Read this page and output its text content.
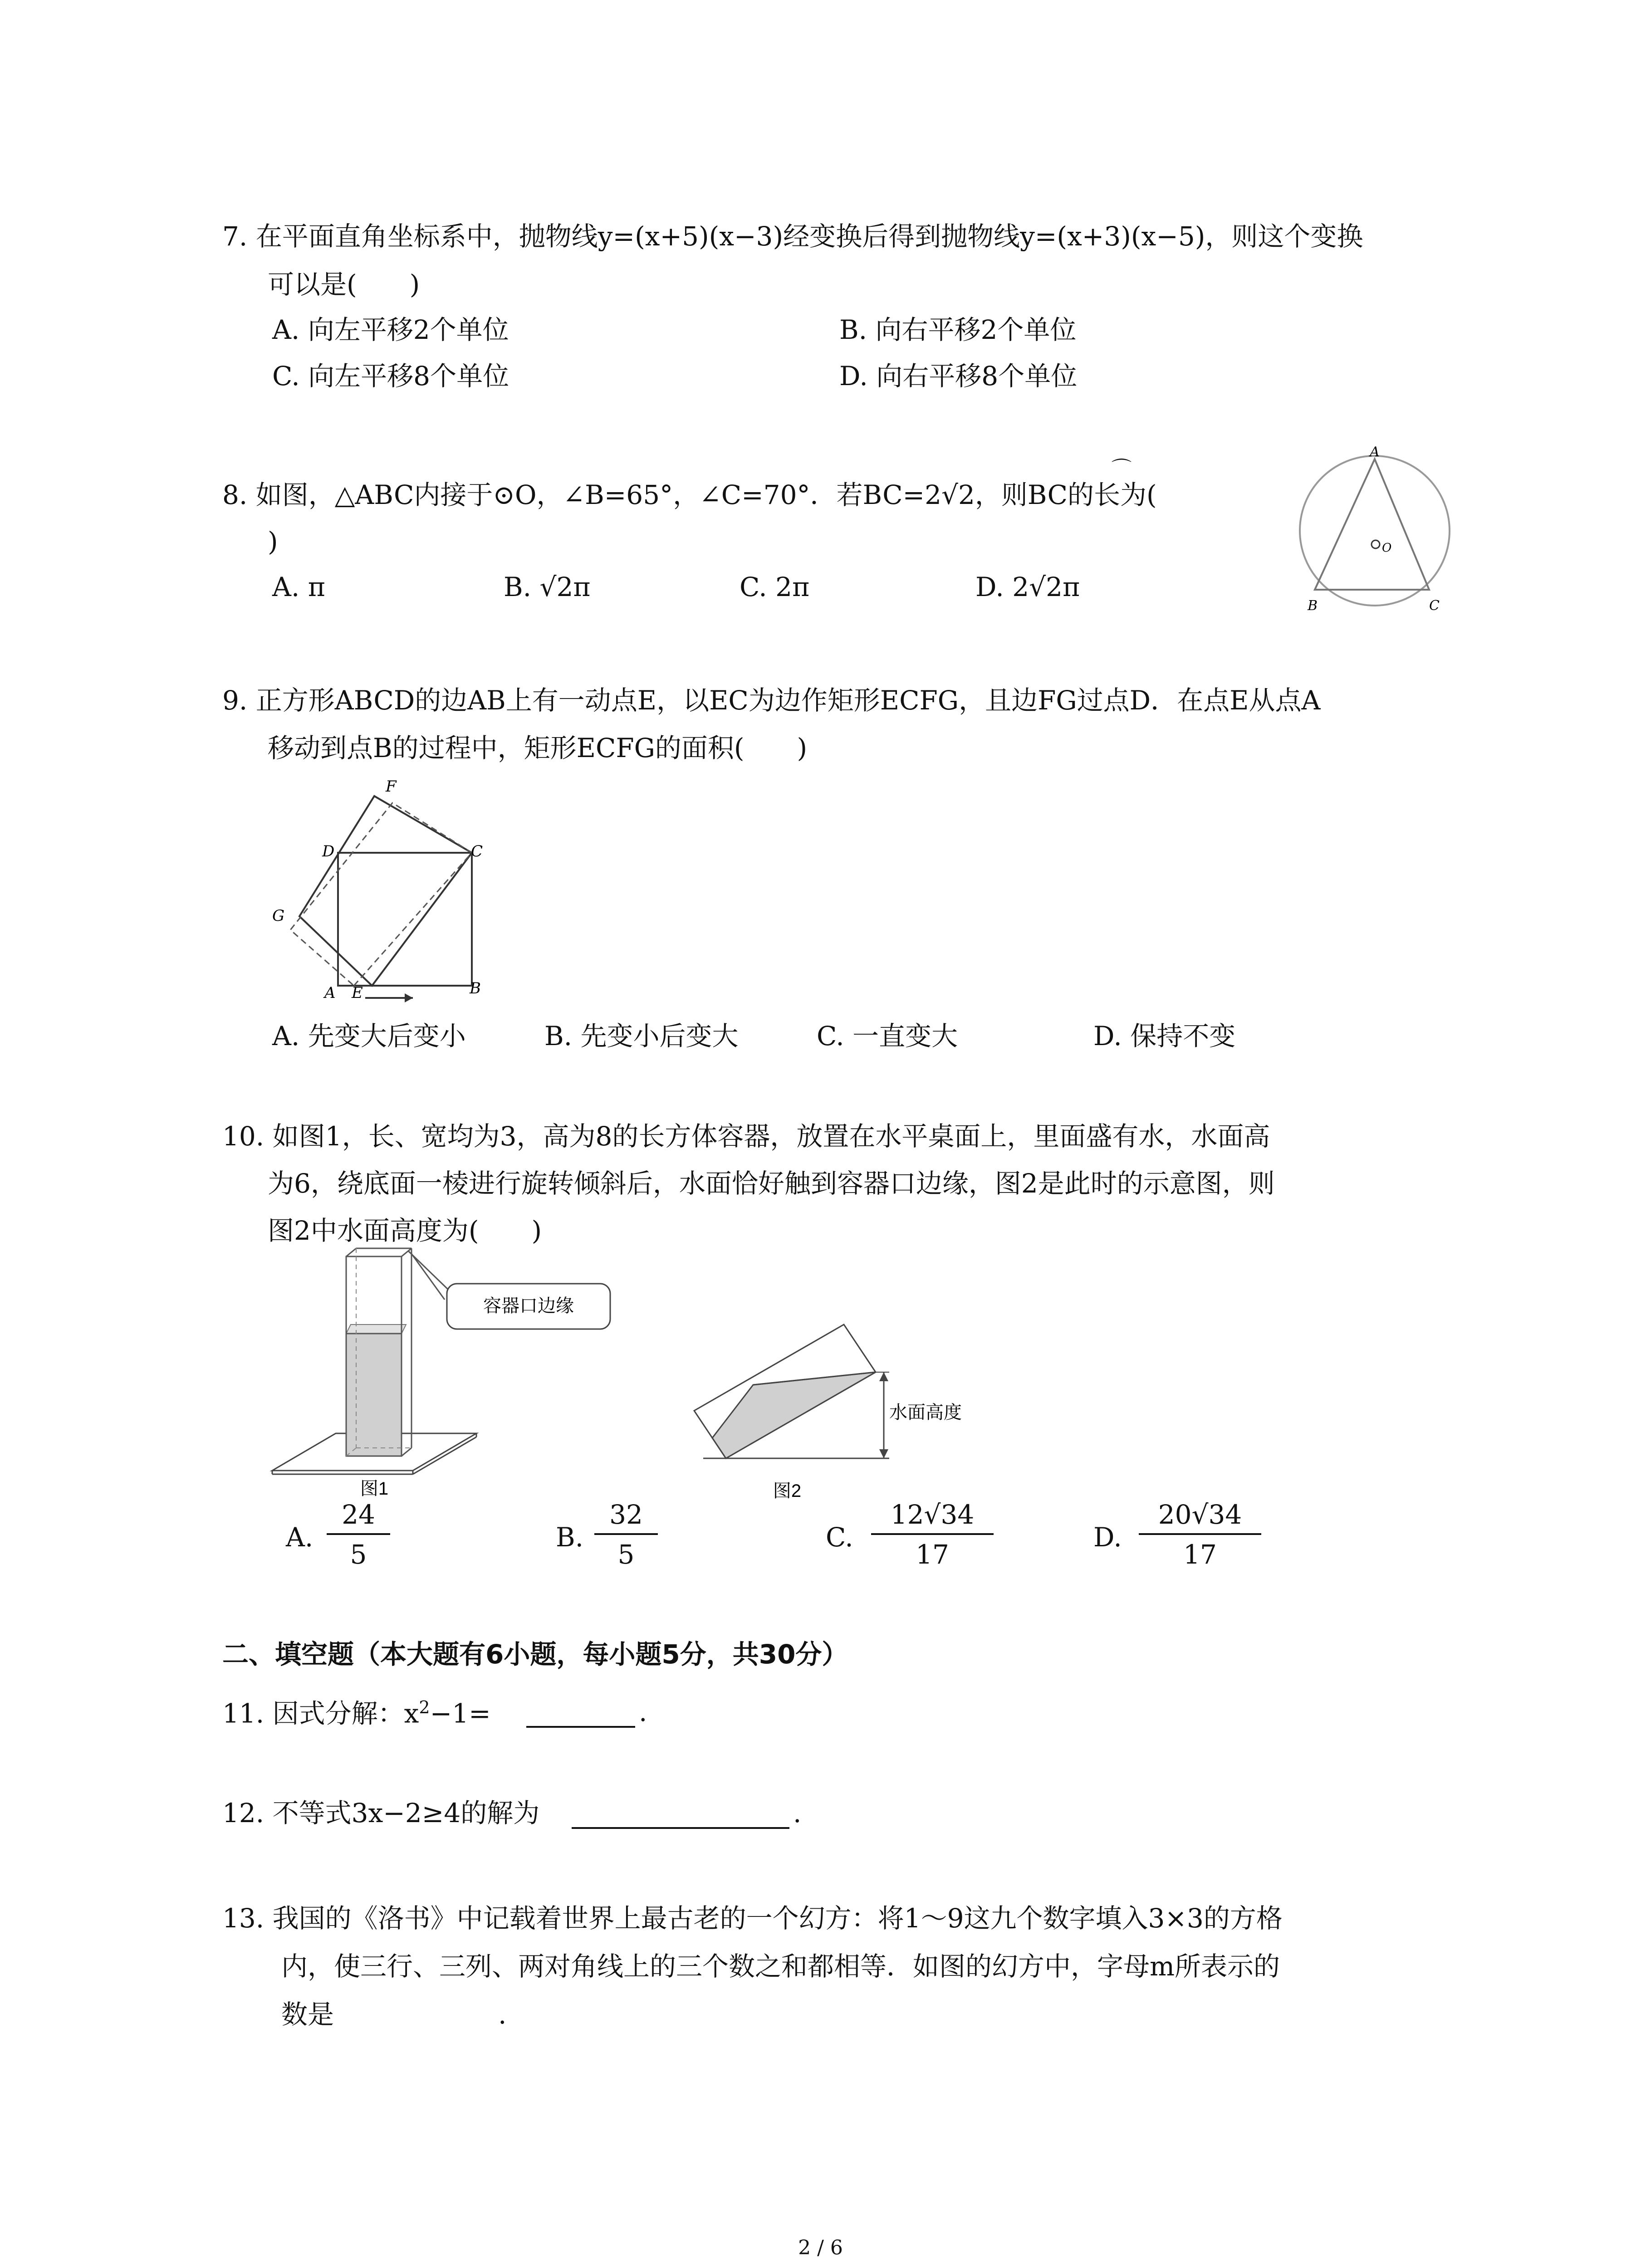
7. 在平面直角坐标系中，抛物线y=(x+5)(x−3)经变换后得到抛物线y=(x+3)(x−5)，则这个变换
可以是(　　)
A. 向左平移2个单位	B. 向右平移2个单位
C. 向左平移8个单位	D. 向右平移8个单位
⌒
8. 如图，△ABC内接于⊙O，∠B=65°，∠C=70°．若BC=2√2，则BC的长为(
)
A. π	B. √2π	C. 2π	D. 2√2π
A
B	C
O
9. 正方形ABCD的边AB上有一动点E，以EC为边作矩形ECFG，且边FG过点D．在点E从点A
移动到点B的过程中，矩形ECFG的面积(　　)
A E	B
C
D
F
G
A. 先变大后变小	B. 先变小后变大	C. 一直变大	D. 保持不变
10. 如图1，长、宽均为3，高为8的长方体容器，放置在水平桌面上，里面盛有水，水面高
为6，绕底面一棱进行旋转倾斜后，水面恰好触到容器口边缘，图2是此时的示意图，则
图2中水面高度为(　　)
容器口边缘
图1
水面高度
图2
A. $\frac{24}{5}$	B. $\frac{32}{5}$	C. $\frac{12√34}{17}$	D. $\frac{20√34}{17}$
二、填空题（本大题有6小题，每小题5分，共30分）
11. 因式分解：$x^2-1=$	.
12. 不等式3x−2≥4的解为	.
13. 我国的《洛书》中记载着世界上最古老的一个幻方：将1～9这九个数字填入3×3的方格
内，使三行、三列、两对角线上的三个数之和都相等．如图的幻方中，字母m所表示的
数是	.
2 / 6
